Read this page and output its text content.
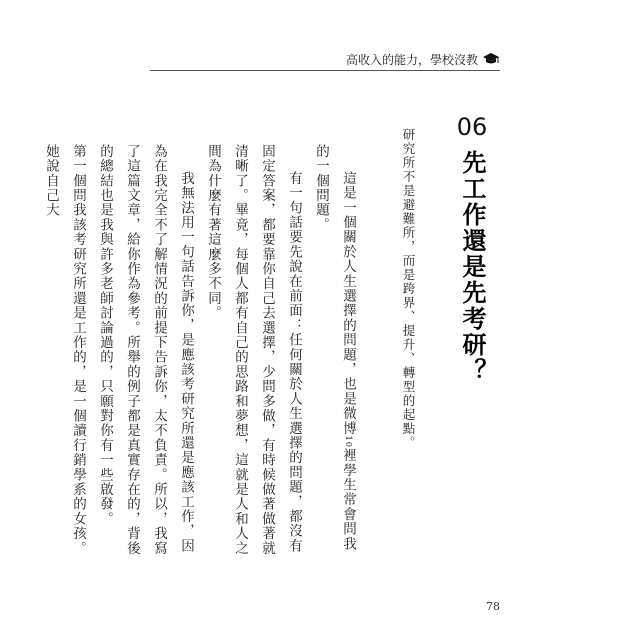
高收入的能力，學校沒教
06
先工作還是先考研？
研究所不是避難所，而是跨界、提升、轉型的起點。

這是一個關於人生選擇的問題，也是微博10裡學生常會問我的一個問題。

有一句話要先說在前面：任何關於人生選擇的問題，都沒有固定答案，都要靠你自己去選擇，少問多做，有時候做著做著就清晰了。畢竟，每個人都有自己的思路和夢想，這就是人和人之間為什麼有著這麼多不同。

我無法用一句話告訴你，是應該考研究所還是應該工作，因為在我完全不了解情況的前提下告訴你，太不負責。所以，我寫了這篇文章，給你作為參考。所舉的例子都是真實存在的，背後的總結也是我與許多老師討論過的，只願對你有一些啟發。

第一個問我該考研究所還是工作的，是一個讀行銷學系的女孩。她說自己大

78
